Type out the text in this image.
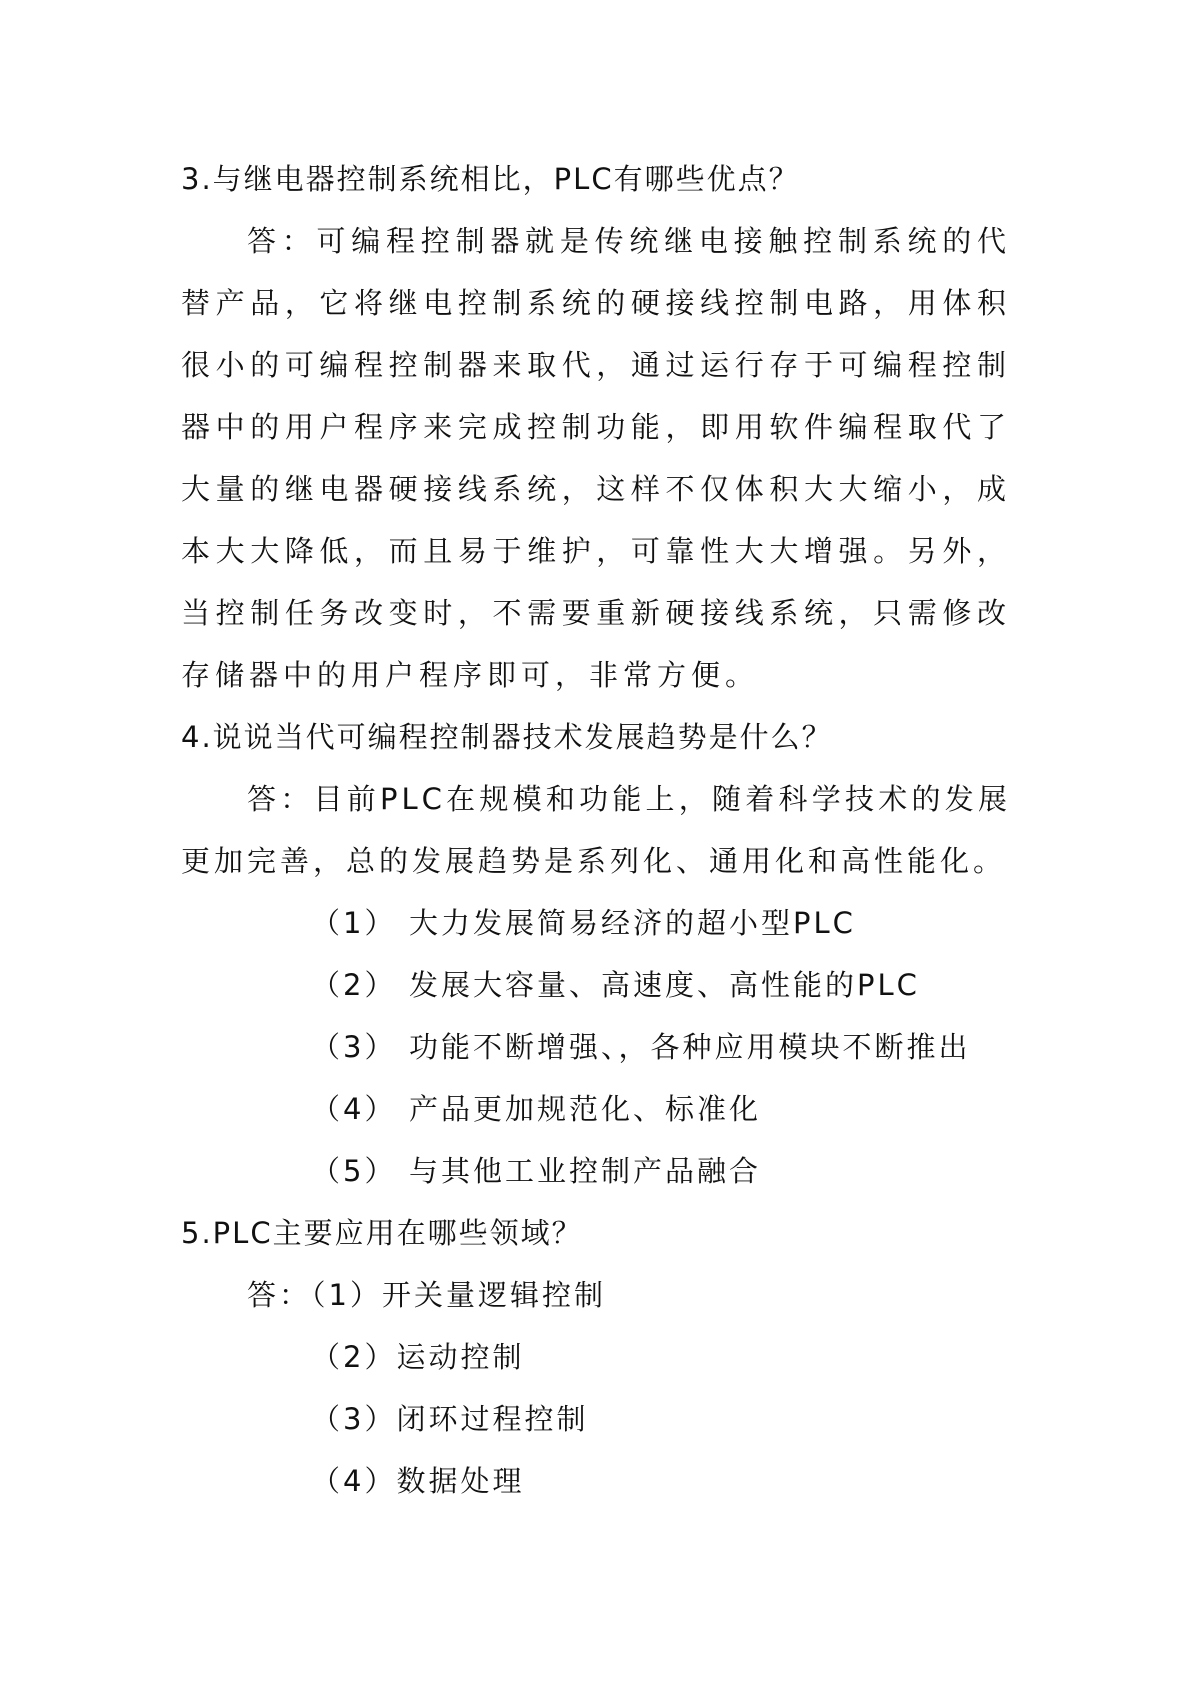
3.与继电器控制系统相比，PLC有哪些优点？

答：可编程控制器就是传统继电接触控制系统的代替产品，它将继电控制系统的硬接线控制电路，用体积很小的可编程控制器来取代，通过运行存于可编程控制器中的用户程序来完成控制功能，即用软件编程取代了大量的继电器硬接线系统，这样不仅体积大大缩小，成本大大降低，而且易于维护，可靠性大大增强。另外，当控制任务改变时，不需要重新硬接线系统，只需修改存储器中的用户程序即可，非常方便。

4.说说当代可编程控制器技术发展趋势是什么？

答：目前PLC在规模和功能上，随着科学技术的发展更加完善，总的发展趋势是系列化、通用化和高性能化。

（1） 大力发展简易经济的超小型PLC
（2） 发展大容量、高速度、高性能的PLC
（3） 功能不断增强、，各种应用模块不断推出
（4） 产品更加规范化、标准化
（5） 与其他工业控制产品融合
5.PLC主要应用在哪些领域？
答：（1）开关量逻辑控制
（2）运动控制
（3）闭环过程控制
（4）数据处理
